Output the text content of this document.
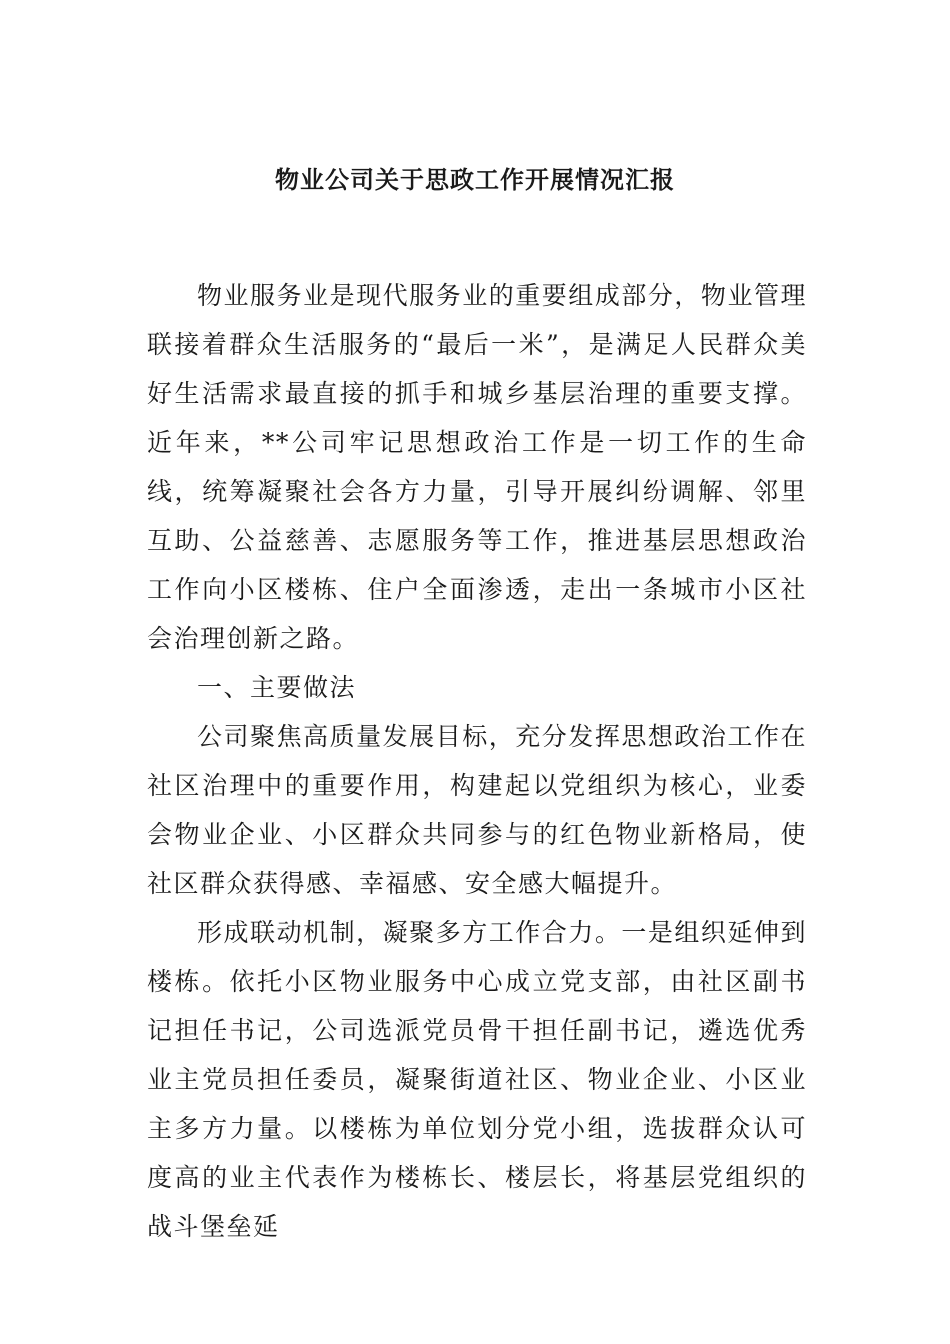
物业公司关于思政工作开展情况汇报

物业服务业是现代服务业的重要组成部分，物业管理联接着群众生活服务的“最后一米”，是满足人民群众美好生活需求最直接的抓手和城乡基层治理的重要支撑。近年来，**公司牢记思想政治工作是一切工作的生命线，统筹凝聚社会各方力量，引导开展纠纷调解、邻里互助、公益慈善、志愿服务等工作，推进基层思想政治工作向小区楼栋、住户全面渗透，走出一条城市小区社会治理创新之路。

一、主要做法

公司聚焦高质量发展目标，充分发挥思想政治工作在社区治理中的重要作用，构建起以党组织为核心，业委会物业企业、小区群众共同参与的红色物业新格局，使社区群众获得感、幸福感、安全感大幅提升。

形成联动机制，凝聚多方工作合力。一是组织延伸到楼栋。依托小区物业服务中心成立党支部，由社区副书记担任书记，公司选派党员骨干担任副书记，遴选优秀业主党员担任委员，凝聚街道社区、物业企业、小区业主多方力量。以楼栋为单位划分党小组，选拔群众认可度高的业主代表作为楼栋长、楼层长，将基层党组织的战斗堡垒延
